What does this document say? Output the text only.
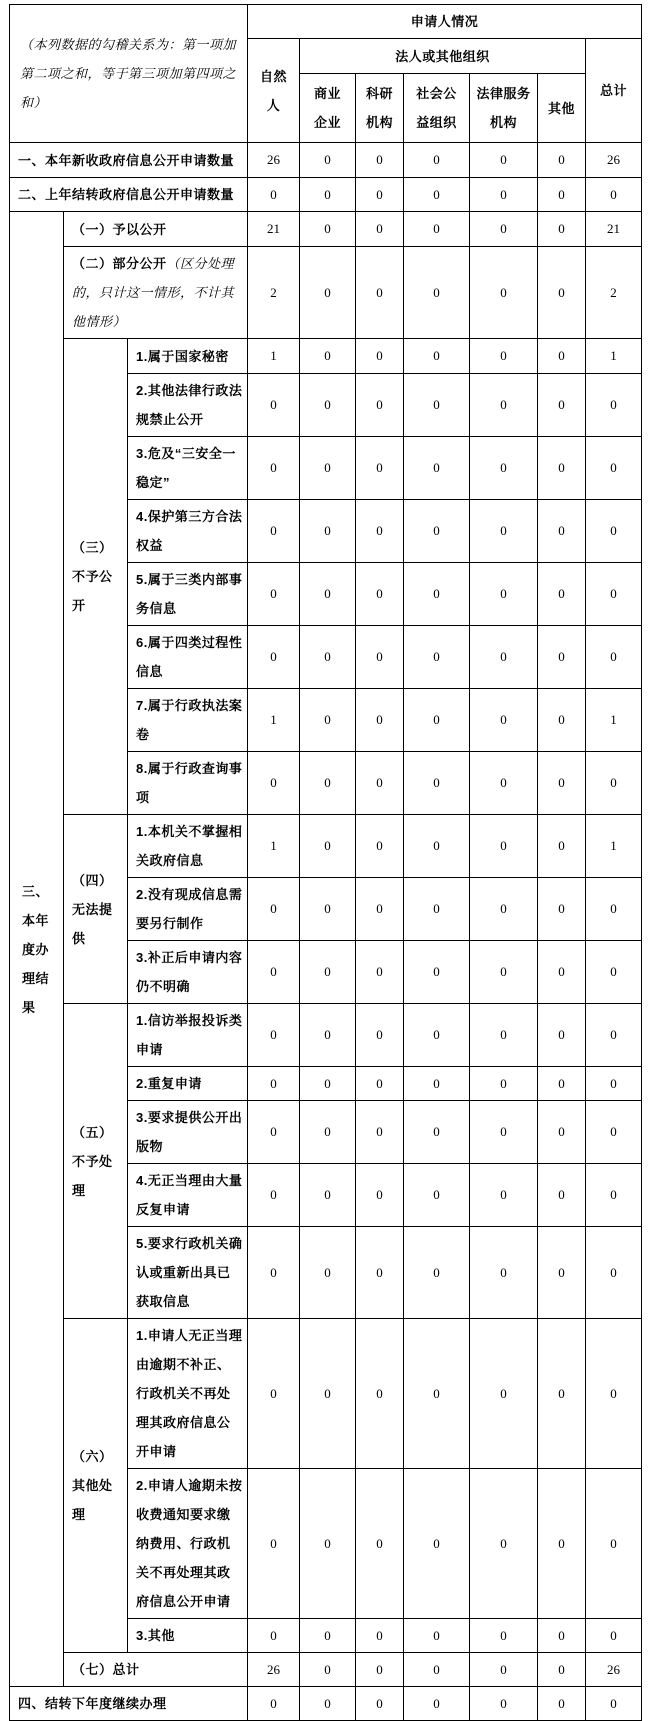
（本列数据的勾稽关系为：第一项加第二项之和，等于第三项加第四项之和）			申请人情况						
			自然人	法人或其他组织					总计
				商业企业	科研机构	社会公益组织	法律服务机构	其他	
一、本年新收政府信息公开申请数量			26	0	0	0	0	0	26
二、上年结转政府信息公开申请数量			0	0	0	0	0	0	0
三、本年度办理结果	（一）予以公开		21	0	0	0	0	0	21
	（二）部分公开（区分处理的，只计这一情形，不计其他情形）		2	0	0	0	0	0	2
	（三）不予公开	1.属于国家秘密	1	0	0	0	0	0	1
		2.其他法律行政法规禁止公开	0	0	0	0	0	0	0
		3.危及“三安全一稳定”	0	0	0	0	0	0	0
		4.保护第三方合法权益	0	0	0	0	0	0	0
		5.属于三类内部事务信息	0	0	0	0	0	0	0
		6.属于四类过程性信息	0	0	0	0	0	0	0
		7.属于行政执法案卷	1	0	0	0	0	0	1
		8.属于行政查询事项	0	0	0	0	0	0	0
	（四）无法提供	1.本机关不掌握相关政府信息	1	0	0	0	0	0	1
		2.没有现成信息需要另行制作	0	0	0	0	0	0	0
		3.补正后申请内容仍不明确	0	0	0	0	0	0	0
	（五）不予处理	1.信访举报投诉类申请	0	0	0	0	0	0	0
		2.重复申请	0	0	0	0	0	0	0
		3.要求提供公开出版物	0	0	0	0	0	0	0
		4.无正当理由大量反复申请	0	0	0	0	0	0	0
		5.要求行政机关确认或重新出具已获取信息	0	0	0	0	0	0	0
	（六）其他处理	1.申请人无正当理由逾期不补正、行政机关不再处理其政府信息公开申请	0	0	0	0	0	0	0
		2.申请人逾期未按收费通知要求缴纳费用、行政机关不再处理其政府信息公开申请	0	0	0	0	0	0	0
		3.其他	0	0	0	0	0	0	0
	（七）总计		26	0	0	0	0	0	26
四、结转下年度继续办理			0	0	0	0	0	0	0
